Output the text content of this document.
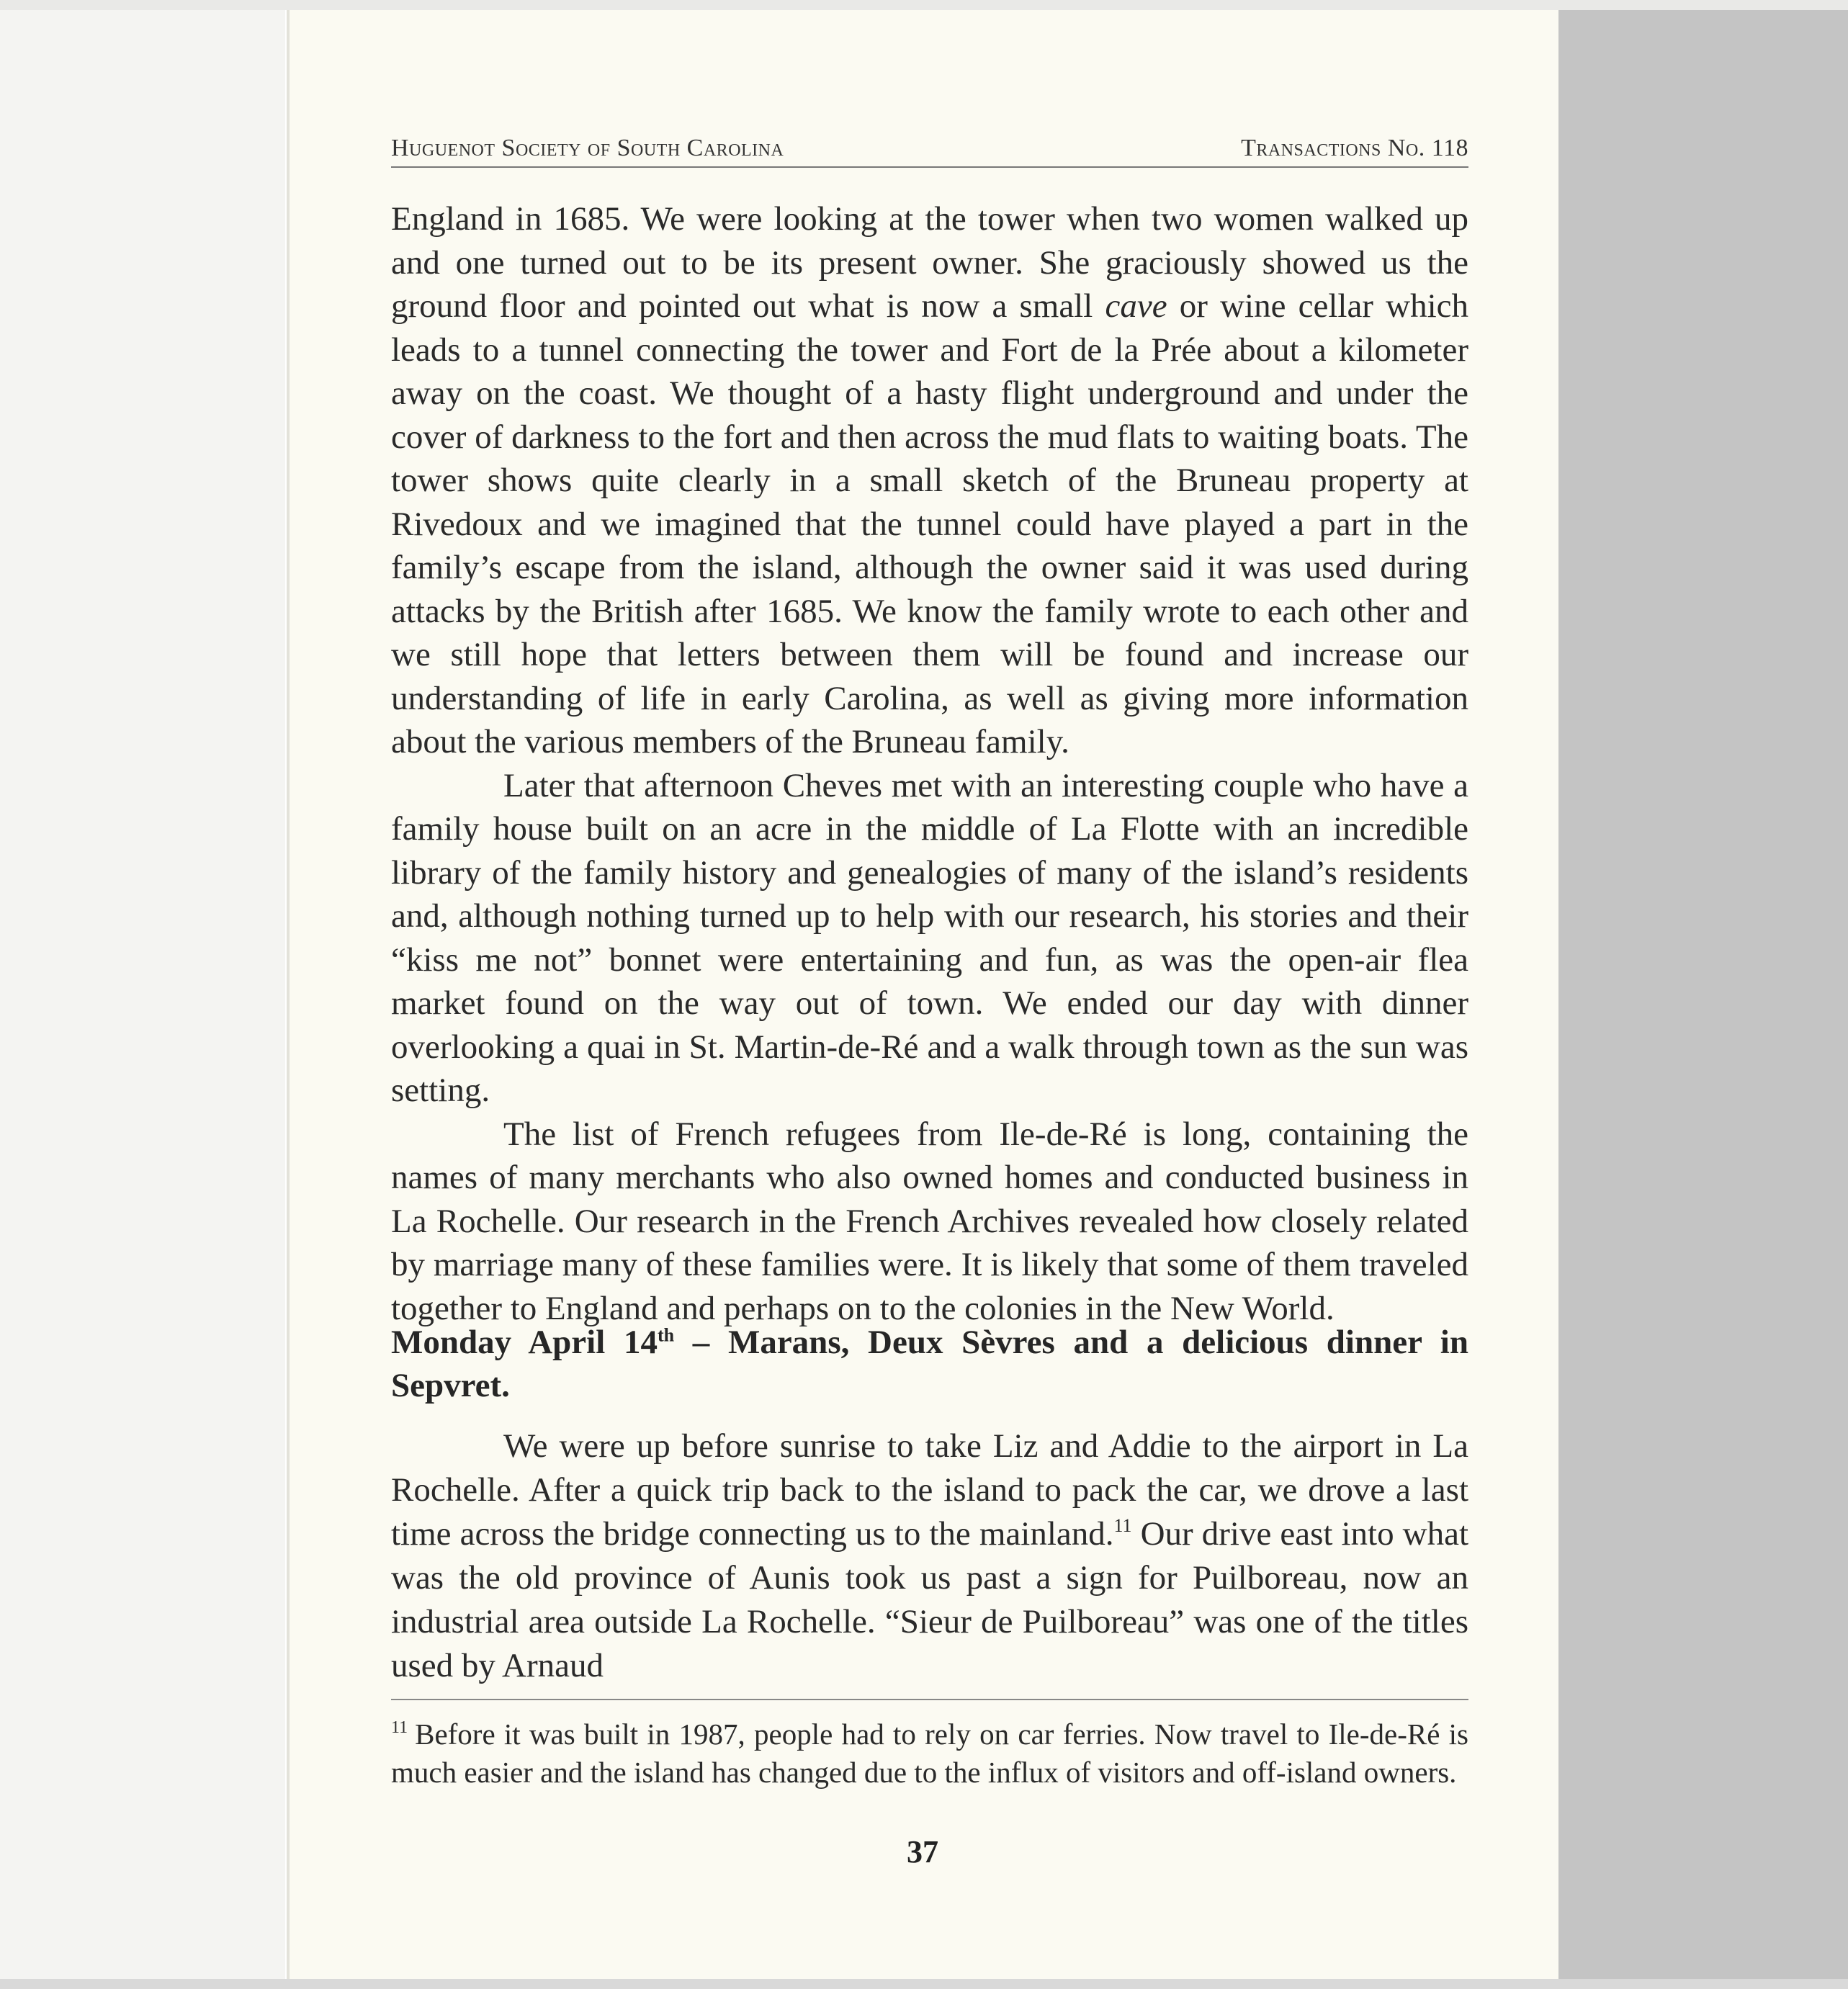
Huguenot Society of South Carolina	Transactions No. 118

England in 1685. We were looking at the tower when two women walked up and one turned out to be its present owner. She graciously showed us the ground floor and pointed out what is now a small cave or wine cellar which leads to a tunnel connecting the tower and Fort de la Prée about a kilometer away on the coast. We thought of a hasty flight underground and under the cover of darkness to the fort and then across the mud flats to waiting boats. The tower shows quite clearly in a small sketch of the Bruneau property at Rivedoux and we imagined that the tunnel could have played a part in the family’s escape from the island, although the owner said it was used during attacks by the British after 1685. We know the family wrote to each other and we still hope that letters between them will be found and increase our understanding of life in early Carolina, as well as giving more information about the various members of the Bruneau family.

Later that afternoon Cheves met with an interesting couple who have a family house built on an acre in the middle of La Flotte with an incredible library of the family history and genealogies of many of the island’s residents and, although nothing turned up to help with our research, his stories and their “kiss me not” bonnet were entertaining and fun, as was the open-air flea market found on the way out of town. We ended our day with dinner overlooking a quai in St. Martin-de-Ré and a walk through town as the sun was setting.

The list of French refugees from Ile-de-Ré is long, containing the names of many merchants who also owned homes and conducted business in La Rochelle. Our research in the French Archives revealed how closely related by marriage many of these families were. It is likely that some of them traveled together to England and perhaps on to the colonies in the New World.

Monday April 14th – Marans, Deux Sèvres and a delicious dinner in Sepvret.

We were up before sunrise to take Liz and Addie to the airport in La Rochelle. After a quick trip back to the island to pack the car, we drove a last time across the bridge connecting us to the mainland.$^{11}$ Our drive east into what was the old province of Aunis took us past a sign for Puilboreau, now an industrial area outside La Rochelle. “Sieur de Puilboreau” was one of the titles used by Arnaud

$^{11}$ Before it was built in 1987, people had to rely on car ferries. Now travel to Ile-de-Ré is much easier and the island has changed due to the influx of visitors and off-island owners.
37
